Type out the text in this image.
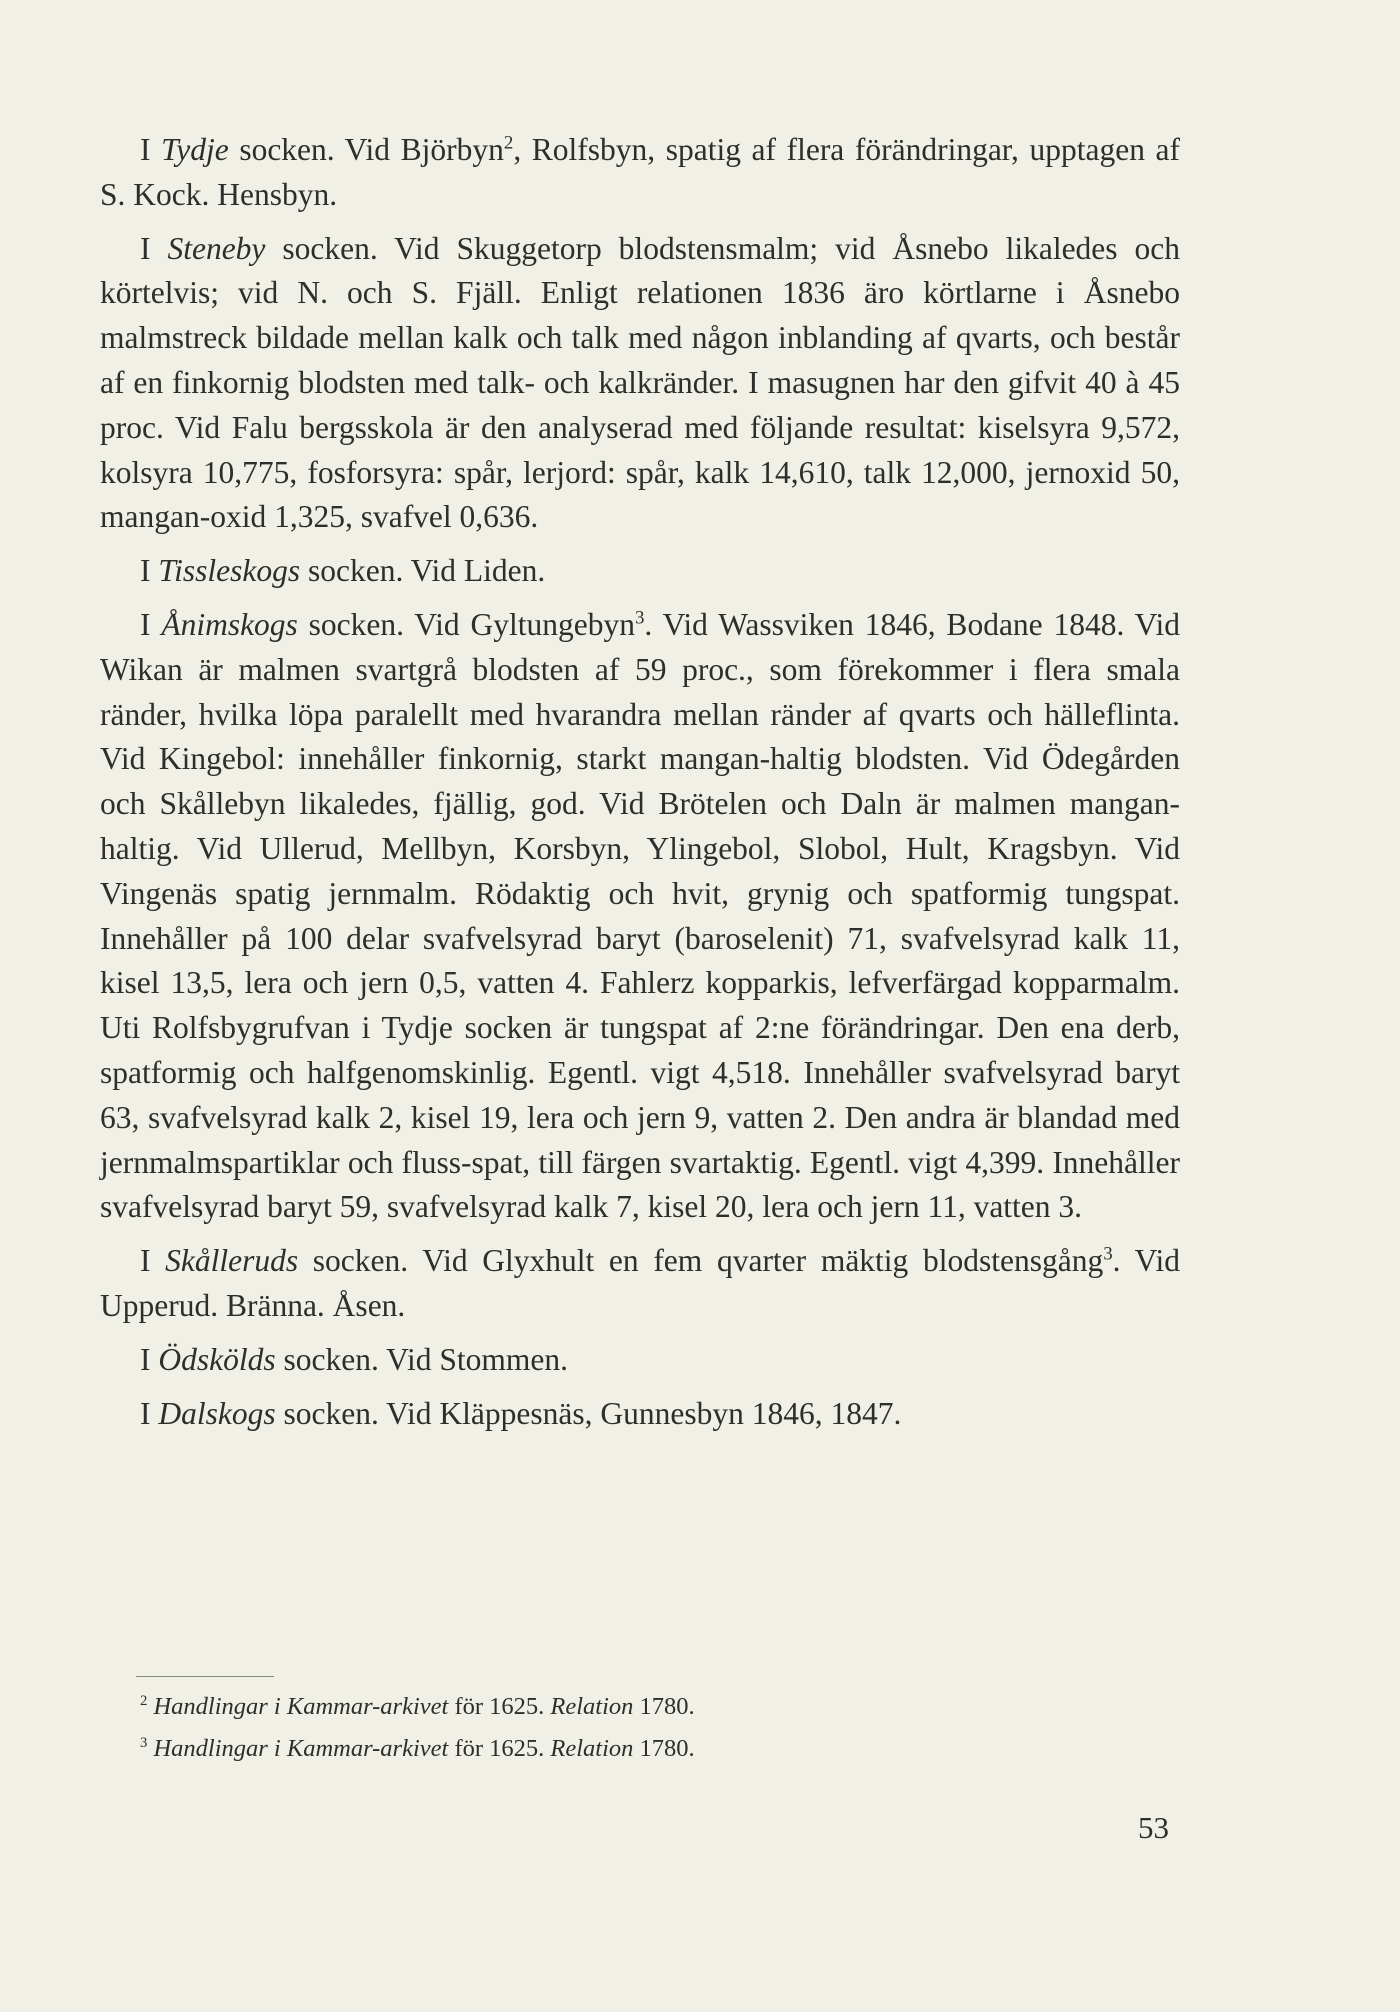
I Tydje socken. Vid Björbyn$^2$, Rolfsbyn, spatig af flera förändringar, upptagen af S. Kock. Hensbyn.

I Steneby socken. Vid Skuggetorp blodstensmalm; vid Åsnebo likaledes och körtelvis; vid N. och S. Fjäll. Enligt relationen 1836 äro körtlarne i Åsnebo malmstreck bildade mellan kalk och talk med någon inblanding af qvarts, och består af en finkornig blodsten med talk- och kalkränder. I masugnen har den gifvit 40 à 45 proc. Vid Falu bergsskola är den analyserad med följande resultat: kiselsyra 9,572, kolsyra 10,775, fosforsyra: spår, lerjord: spår, kalk 14,610, talk 12,000, jernoxid 50, mangan-oxid 1,325, svafvel 0,636.

I Tissleskogs socken. Vid Liden.

I Ånimskogs socken. Vid Gyltungebyn$^3$. Vid Wassviken 1846, Bodane 1848. Vid Wikan är malmen svartgrå blodsten af 59 proc., som förekommer i flera smala ränder, hvilka löpa paralellt med hvarandra mellan ränder af qvarts och hälleflinta. Vid Kingebol: innehåller finkornig, starkt mangan-haltig blodsten. Vid Ödegården och Skållebyn likaledes, fjällig, god. Vid Brötelen och Daln är malmen mangan-haltig. Vid Ullerud, Mellbyn, Korsbyn, Ylingebol, Slobol, Hult, Kragsbyn. Vid Vingenäs spatig jernmalm. Rödaktig och hvit, grynig och spatformig tungspat. Innehåller på 100 delar svafvelsyrad baryt (baroselenit) 71, svafvelsyrad kalk 11, kisel 13,5, lera och jern 0,5, vatten 4. Fahlerz kopparkis, lefverfärgad kopparmalm. Uti Rolfsbygrufvan i Tydje socken är tungspat af 2:ne förändringar. Den ena derb, spatformig och halfgenomskinlig. Egentl. vigt 4,518. Innehåller svafvelsyrad baryt 63, svafvelsyrad kalk 2, kisel 19, lera och jern 9, vatten 2. Den andra är blandad med jernmalmspartiklar och fluss-spat, till färgen svartaktig. Egentl. vigt 4,399. Innehåller svafvelsyrad baryt 59, svafvelsyrad kalk 7, kisel 20, lera och jern 11, vatten 3.

I Skålleruds socken. Vid Glyxhult en fem qvarter mäktig blodstensgång$^3$. Vid Upperud. Bränna. Åsen.

I Ödskölds socken. Vid Stommen.

I Dalskogs socken. Vid Kläppesnäs, Gunnesbyn 1846, 1847.

$^2$ Handlingar i Kammar-arkivet för 1625. Relation 1780.

$^3$ Handlingar i Kammar-arkivet för 1625. Relation 1780.

53
